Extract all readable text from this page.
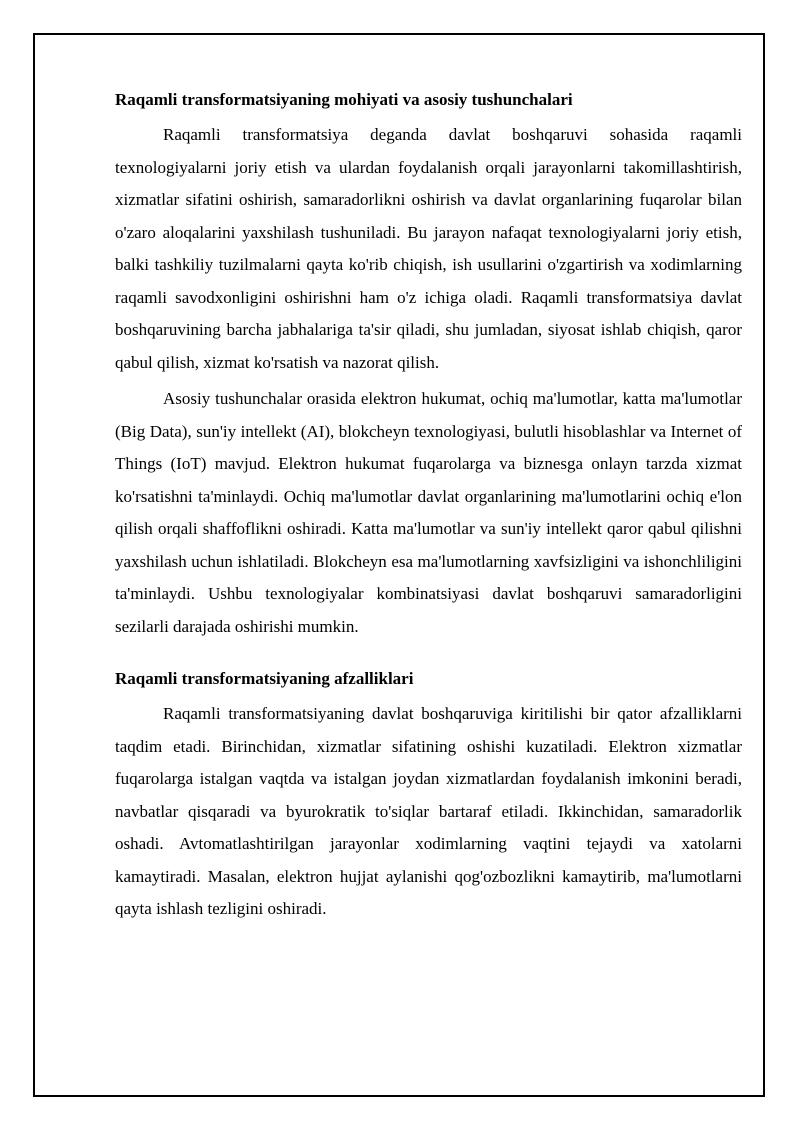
Raqamli transformatsiyaning mohiyati va asosiy tushunchalari

Raqamli transformatsiya deganda davlat boshqaruvi sohasida raqamli texnologiyalarni joriy etish va ulardan foydalanish orqali jarayonlarni takomillashtirish, xizmatlar sifatini oshirish, samaradorlikni oshirish va davlat organlarining fuqarolar bilan o'zaro aloqalarini yaxshilash tushuniladi. Bu jarayon nafaqat texnologiyalarni joriy etish, balki tashkiliy tuzilmalarni qayta ko'rib chiqish, ish usullarini o'zgartirish va xodimlarning raqamli savodxonligini oshirishni ham o'z ichiga oladi. Raqamli transformatsiya davlat boshqaruvining barcha jabhalariga ta'sir qiladi, shu jumladan, siyosat ishlab chiqish, qaror qabul qilish, xizmat ko'rsatish va nazorat qilish.

Asosiy tushunchalar orasida elektron hukumat, ochiq ma'lumotlar, katta ma'lumotlar (Big Data), sun'iy intellekt (AI), blokcheyn texnologiyasi, bulutli hisoblashlar va Internet of Things (IoT) mavjud. Elektron hukumat fuqarolarga va biznesga onlayn tarzda xizmat ko'rsatishni ta'minlaydi. Ochiq ma'lumotlar davlat organlarining ma'lumotlarini ochiq e'lon qilish orqali shaffoflikni oshiradi. Katta ma'lumotlar va sun'iy intellekt qaror qabul qilishni yaxshilash uchun ishlatiladi. Blokcheyn esa ma'lumotlarning xavfsizligini va ishonchliligini ta'minlaydi. Ushbu texnologiyalar kombinatsiyasi davlat boshqaruvi samaradorligini sezilarli darajada oshirishi mumkin.

Raqamli transformatsiyaning afzalliklari

Raqamli transformatsiyaning davlat boshqaruviga kiritilishi bir qator afzalliklarni taqdim etadi. Birinchidan, xizmatlar sifatining oshishi kuzatiladi. Elektron xizmatlar fuqarolarga istalgan vaqtda va istalgan joydan xizmatlardan foydalanish imkonini beradi, navbatlar qisqaradi va byurokratik to'siqlar bartaraf etiladi. Ikkinchidan, samaradorlik oshadi. Avtomatlashtirilgan jarayonlar xodimlarning vaqtini tejaydi va xatolarni kamaytiradi. Masalan, elektron hujjat aylanishi qog'ozbozlikni kamaytirib, ma'lumotlarni qayta ishlash tezligini oshiradi.
